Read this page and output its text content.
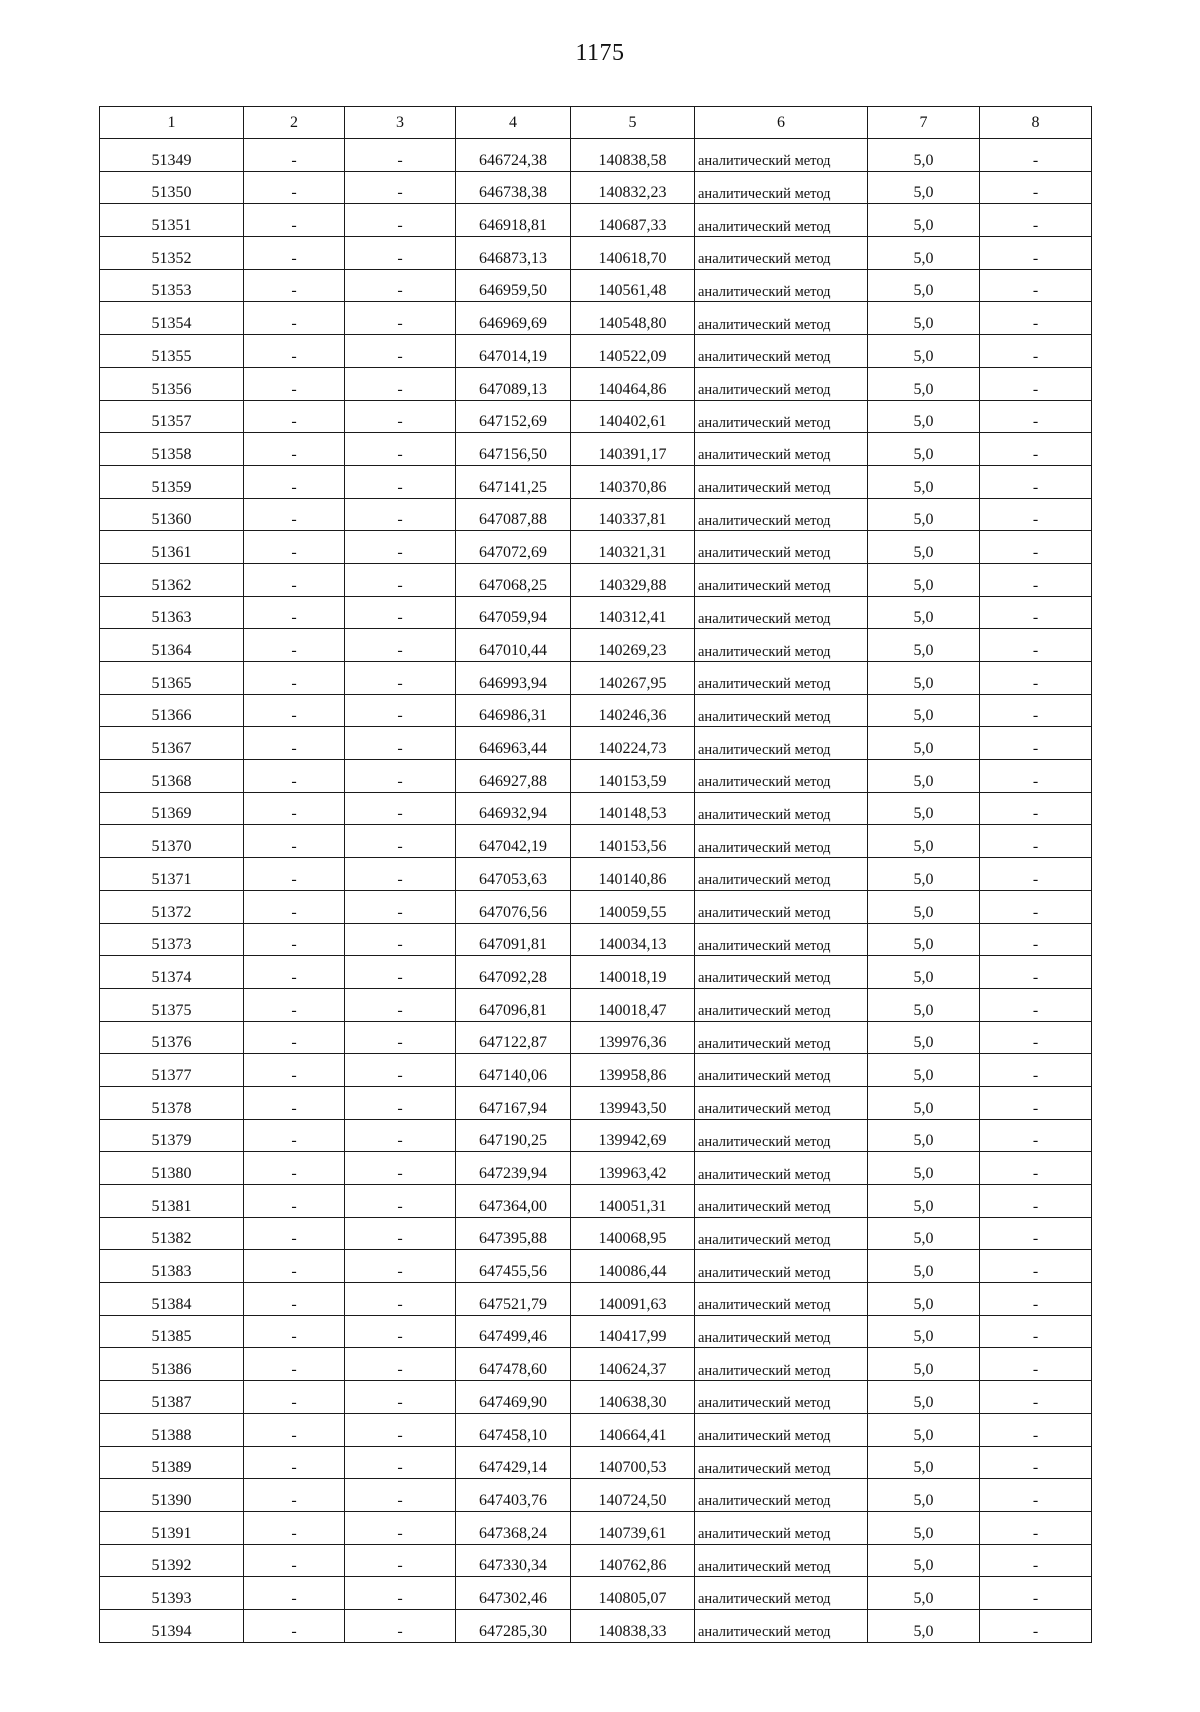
1175
1	2	3	4	5	6	7	8
51349	-	-	646724,38	140838,58	аналитический метод	5,0	-
51350	-	-	646738,38	140832,23	аналитический метод	5,0	-
51351	-	-	646918,81	140687,33	аналитический метод	5,0	-
51352	-	-	646873,13	140618,70	аналитический метод	5,0	-
51353	-	-	646959,50	140561,48	аналитический метод	5,0	-
51354	-	-	646969,69	140548,80	аналитический метод	5,0	-
51355	-	-	647014,19	140522,09	аналитический метод	5,0	-
51356	-	-	647089,13	140464,86	аналитический метод	5,0	-
51357	-	-	647152,69	140402,61	аналитический метод	5,0	-
51358	-	-	647156,50	140391,17	аналитический метод	5,0	-
51359	-	-	647141,25	140370,86	аналитический метод	5,0	-
51360	-	-	647087,88	140337,81	аналитический метод	5,0	-
51361	-	-	647072,69	140321,31	аналитический метод	5,0	-
51362	-	-	647068,25	140329,88	аналитический метод	5,0	-
51363	-	-	647059,94	140312,41	аналитический метод	5,0	-
51364	-	-	647010,44	140269,23	аналитический метод	5,0	-
51365	-	-	646993,94	140267,95	аналитический метод	5,0	-
51366	-	-	646986,31	140246,36	аналитический метод	5,0	-
51367	-	-	646963,44	140224,73	аналитический метод	5,0	-
51368	-	-	646927,88	140153,59	аналитический метод	5,0	-
51369	-	-	646932,94	140148,53	аналитический метод	5,0	-
51370	-	-	647042,19	140153,56	аналитический метод	5,0	-
51371	-	-	647053,63	140140,86	аналитический метод	5,0	-
51372	-	-	647076,56	140059,55	аналитический метод	5,0	-
51373	-	-	647091,81	140034,13	аналитический метод	5,0	-
51374	-	-	647092,28	140018,19	аналитический метод	5,0	-
51375	-	-	647096,81	140018,47	аналитический метод	5,0	-
51376	-	-	647122,87	139976,36	аналитический метод	5,0	-
51377	-	-	647140,06	139958,86	аналитический метод	5,0	-
51378	-	-	647167,94	139943,50	аналитический метод	5,0	-
51379	-	-	647190,25	139942,69	аналитический метод	5,0	-
51380	-	-	647239,94	139963,42	аналитический метод	5,0	-
51381	-	-	647364,00	140051,31	аналитический метод	5,0	-
51382	-	-	647395,88	140068,95	аналитический метод	5,0	-
51383	-	-	647455,56	140086,44	аналитический метод	5,0	-
51384	-	-	647521,79	140091,63	аналитический метод	5,0	-
51385	-	-	647499,46	140417,99	аналитический метод	5,0	-
51386	-	-	647478,60	140624,37	аналитический метод	5,0	-
51387	-	-	647469,90	140638,30	аналитический метод	5,0	-
51388	-	-	647458,10	140664,41	аналитический метод	5,0	-
51389	-	-	647429,14	140700,53	аналитический метод	5,0	-
51390	-	-	647403,76	140724,50	аналитический метод	5,0	-
51391	-	-	647368,24	140739,61	аналитический метод	5,0	-
51392	-	-	647330,34	140762,86	аналитический метод	5,0	-
51393	-	-	647302,46	140805,07	аналитический метод	5,0	-
51394	-	-	647285,30	140838,33	аналитический метод	5,0	-
